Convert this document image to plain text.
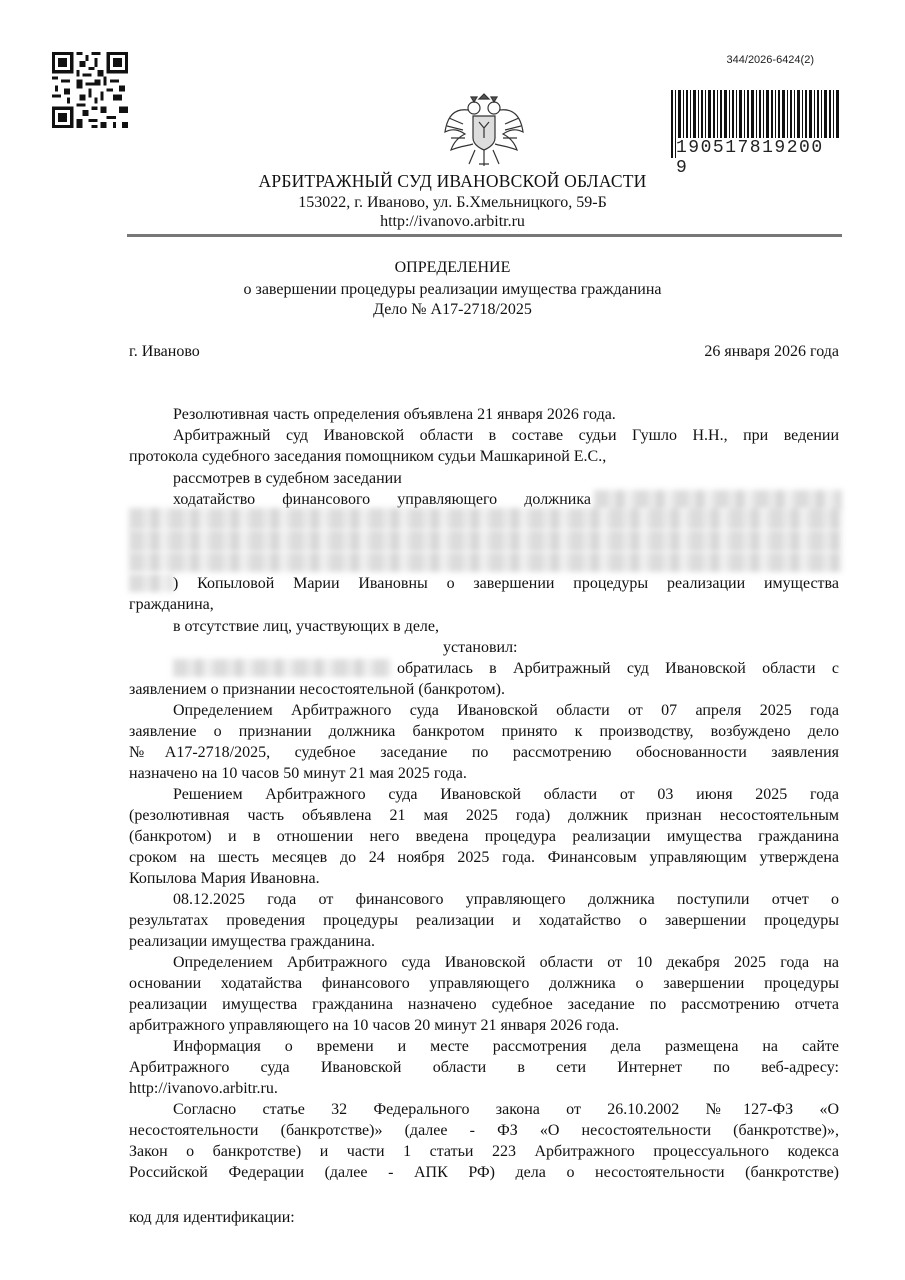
344/2026-6424(2)
190517819200 9
АРБИТРАЖНЫЙ СУД ИВАНОВСКОЙ ОБЛАСТИ
153022, г. Иваново, ул. Б.Хмельницкого, 59-Б
http://ivanovo.arbitr.ru
ОПРЕДЕЛЕНИЕ
о завершении процедуры реализации имущества гражданина
Дело № А17-2718/2025
г. Иваново	26 января 2026 года
Резолютивная часть определения объявлена 21 января 2026 года.
Арбитражный суд Ивановской области в составе судьи Гушло Н.Н., при ведении
протокола судебного заседания помощником судьи Машкариной Е.С.,
рассмотрев в судебном заседании
ходатайство финансового управляющего должника
) Копыловой Марии Ивановны о завершении процедуры реализации имущества
гражданина,
в отсутствие лиц, участвующих в деле,
установил:
обратилась в Арбитражный суд Ивановской области с
заявлением о признании несостоятельной (банкротом).
Определением Арбитражного суда Ивановской области от 07 апреля 2025 года
заявление о признании должника банкротом принято к производству, возбуждено дело
№А17-2718/2025, судебное заседание по рассмотрению обоснованности заявления
назначено на 10 часов 50 минут 21 мая 2025 года.
Решением Арбитражного суда Ивановской области от 03 июня 2025 года
(резолютивная часть объявлена 21 мая 2025 года) должник признан несостоятельным
(банкротом) и в отношении него введена процедура реализации имущества гражданина
сроком на шесть месяцев до 24 ноября 2025 года. Финансовым управляющим утверждена
Копылова Мария Ивановна.
08.12.2025 года от финансового управляющего должника поступили отчет о
результатах проведения процедуры реализации и ходатайство о завершении процедуры
реализации имущества гражданина.
Определением Арбитражного суда Ивановской области от 10 декабря 2025 года на
основании ходатайства финансового управляющего должника о завершении процедуры
реализации имущества гражданина назначено судебное заседание по рассмотрению отчета
арбитражного управляющего на 10 часов 20 минут 21 января 2026 года.
Информация о времени и месте рассмотрения дела размещена на сайте
Арбитражного суда Ивановской области в сети Интернет по веб-адресу:
http://ivanovo.arbitr.ru.
Согласно статье 32 Федерального закона от 26.10.2002 №127-ФЗ «О
несостоятельности (банкротстве)» (далее - ФЗ «О несостоятельности (банкротстве)»,
Закон о банкротстве) и части 1 статьи 223 Арбитражного процессуального кодекса
Российской Федерации (далее - АПК РФ) дела о несостоятельности (банкротстве)
код для идентификации:
